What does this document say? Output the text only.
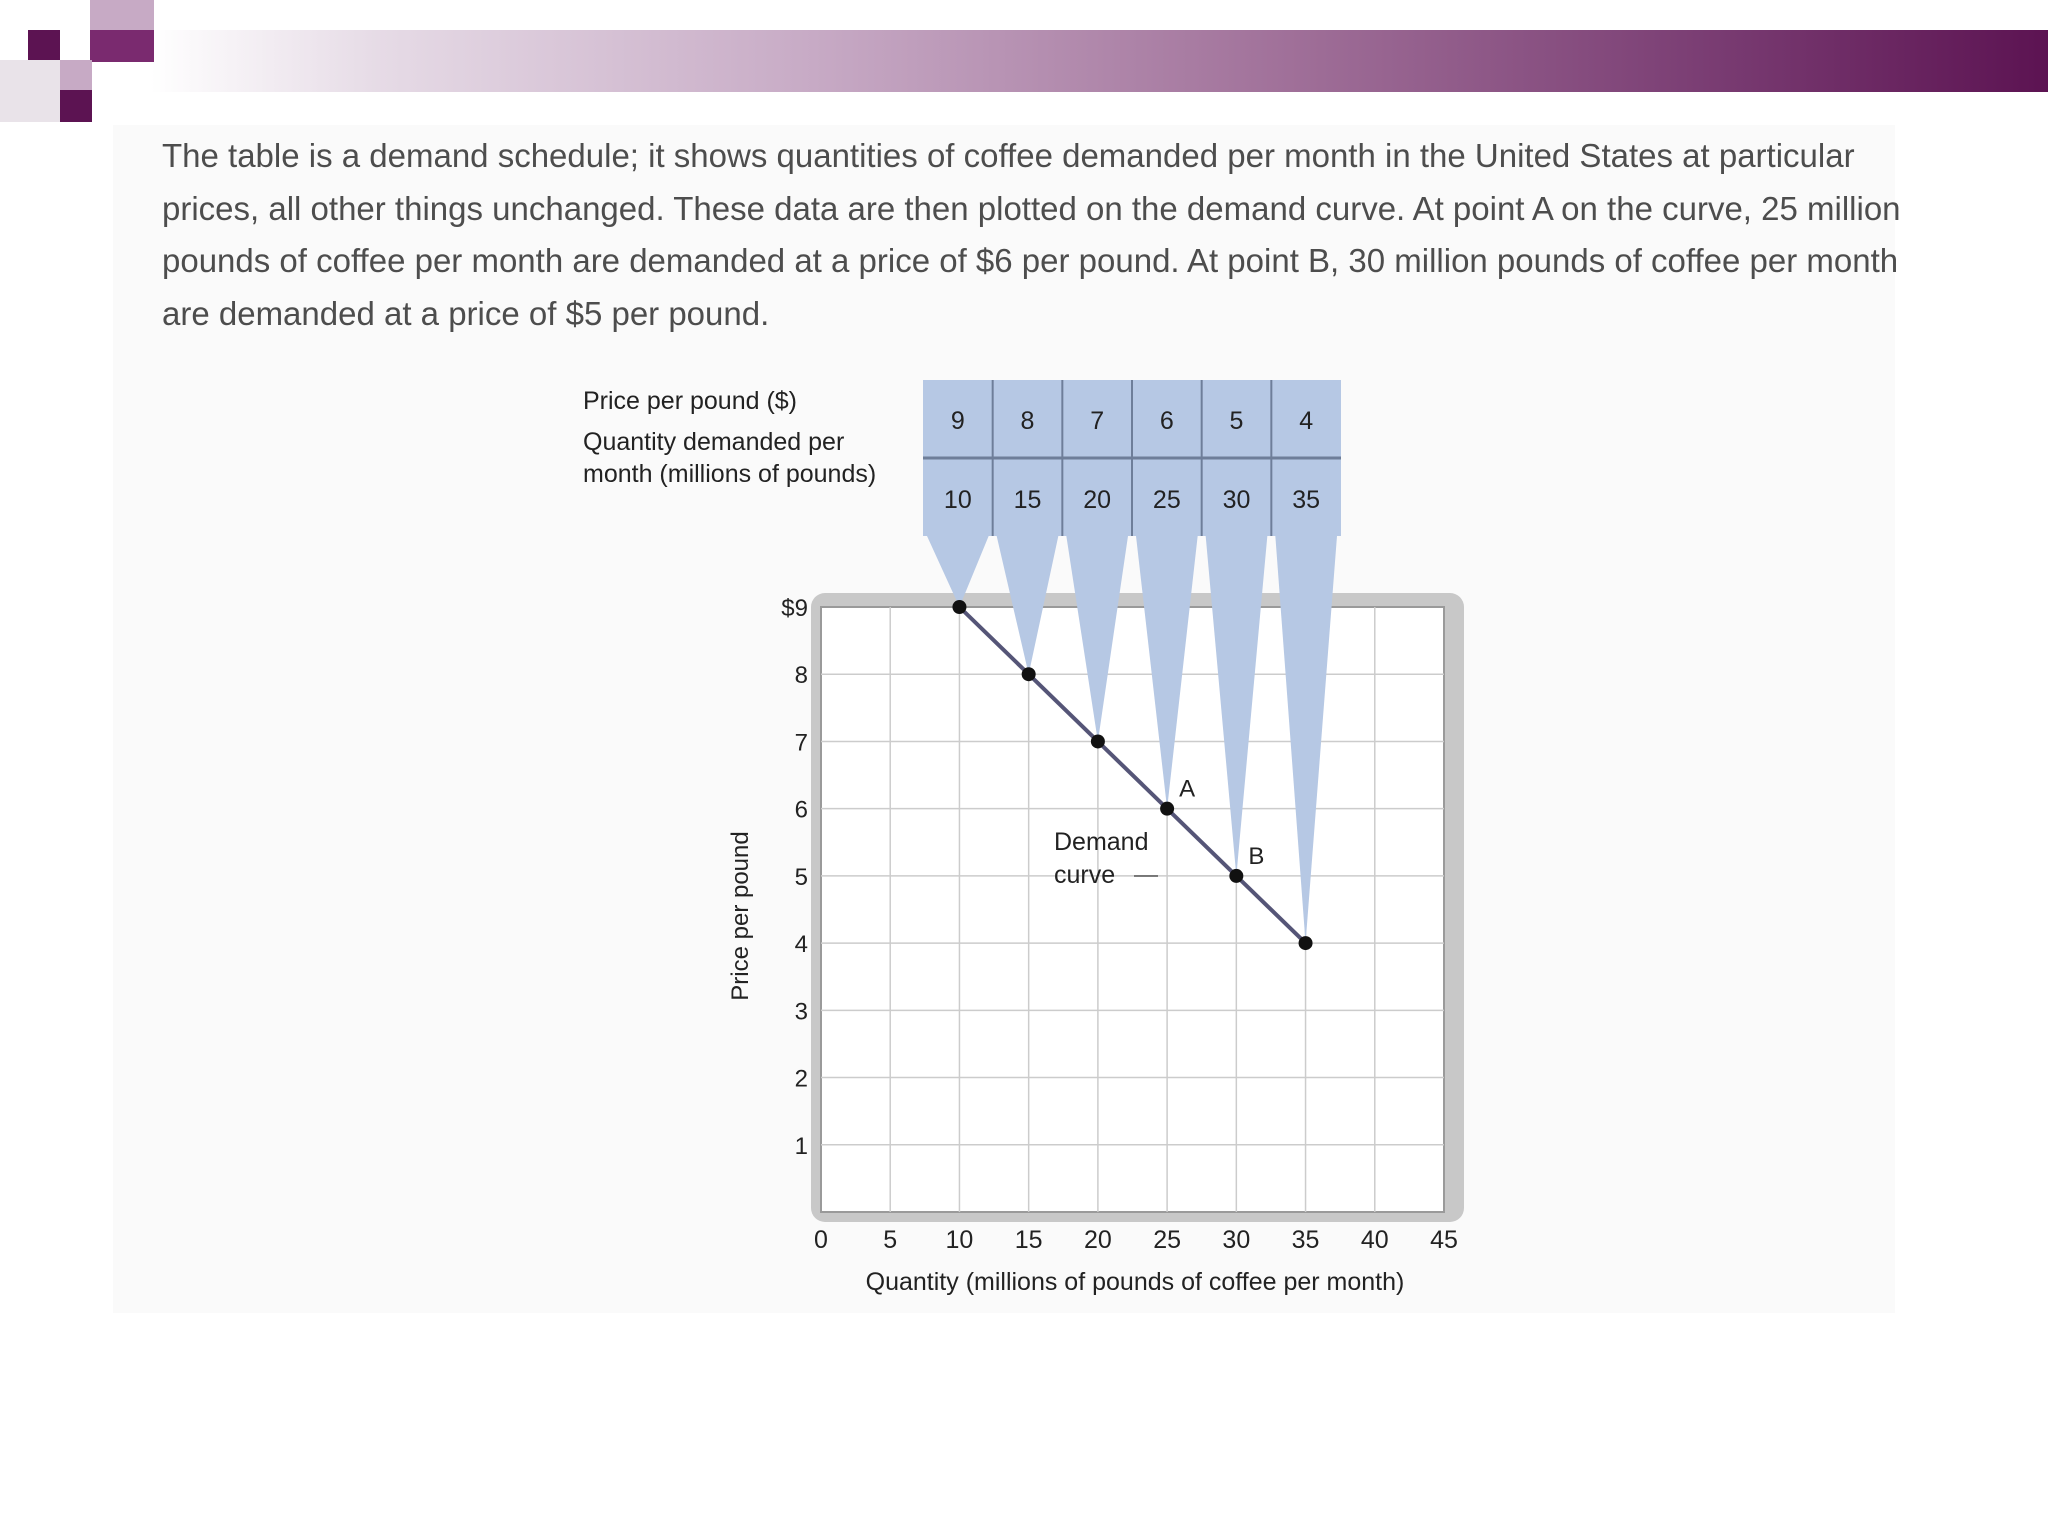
The table is a demand schedule; it shows quantities of coffee demanded per month in the United States at particular prices, all other things unchanged. These data are then plotted on the demand curve. At point A on the curve, 25 million pounds of coffee per month are demanded at a price of $6 per pound. At point B, 30 million pounds of coffee per month are demanded at a price of $5 per pound.

9
10
8
15
7
20
6
25
5
30
4
35
Price per pound ($)
Quantity demanded per
month (millions of pounds)
A
B
0 5 10 15 20 25 30 35 40 45
$9
8
7
6
5
4
3
2
1
Demand
curve
Quantity (millions of pounds of coffee per month)
Price per pound
